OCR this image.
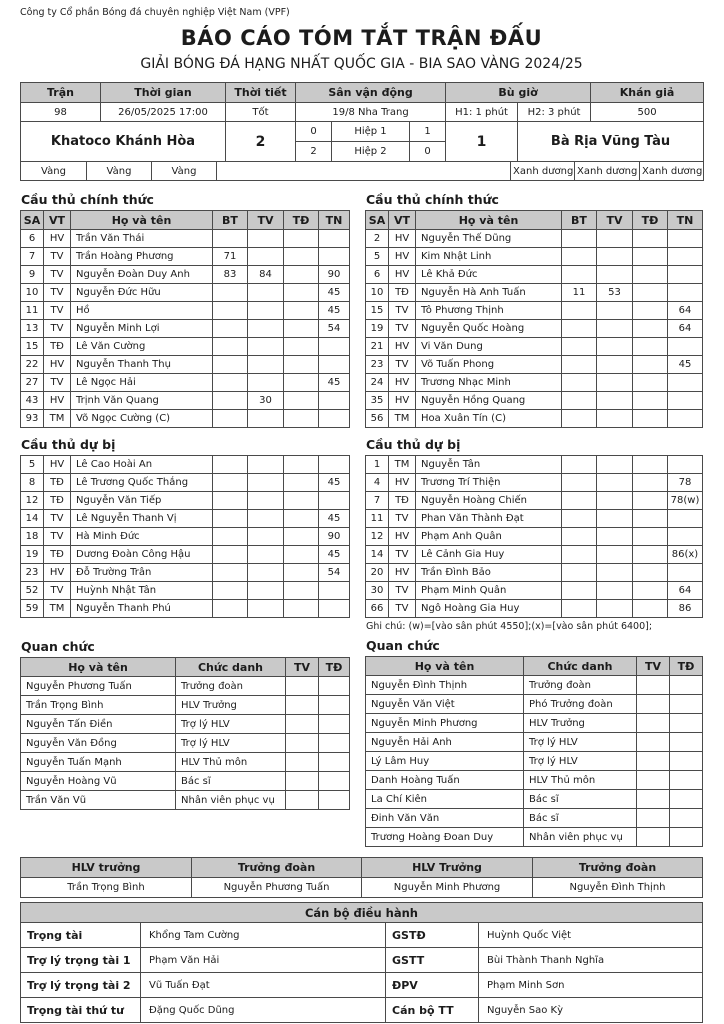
Công ty Cổ phần Bóng đá chuyên nghiệp Việt Nam (VPF)
BÁO CÁO TÓM TẮT TRẬN ĐẤU
GIẢI BÓNG ĐÁ HẠNG NHẤT QUỐC GIA - BIA SAO VÀNG 2024/25
Trận	Thời gian	Thời tiết	Sân vận động			Bù giờ		Khán giả
98	26/05/2025 17:00	Tốt	19/8 Nha Trang			H1: 1 phút	H2: 3 phút	500
Khatoco Khánh Hòa		2	0	Hiệp 1	1	1	Bà Rịa Vũng Tàu	
			2	Hiệp 2	0			
Vàng	Vàng	Vàng		Xanh dương	Xanh dương	Xanh dương
Cầu thủ chính thức
SA	VT	Họ và tên	BT	TV	TĐ	TN
6	HV	Trần Văn Thái				
7	TV	Trần Hoàng Phương	71			
9	TV	Nguyễn Đoàn Duy Anh	83	84		90
10	TV	Nguyễn Đức Hữu				45
11	TV	Hồ				45
13	TV	Nguyễn Minh Lợi				54
15	TĐ	Lê Văn Cường				
22	HV	Nguyễn Thanh Thụ				
27	TV	Lê Ngọc Hải				45
43	HV	Trịnh Văn Quang		30		
93	TM	Võ Ngọc Cường (C)				
Cầu thủ dự bị
5	HV	Lê Cao Hoài An				
8	TĐ	Lê Trương Quốc Thắng				45
12	TĐ	Nguyễn Văn Tiếp				
14	TV	Lê Nguyễn Thanh Vị				45
18	TV	Hà Minh Đức				90
19	TĐ	Dương Đoàn Công Hậu				45
23	HV	Đỗ Trường Trân				54
52	TV	Huỳnh Nhật Tân				
59	TM	Nguyễn Thanh Phú				
Quan chức
Họ và tên	Chức danh	TV	TĐ
Nguyễn Phương Tuấn	Trưởng đoàn		
Trần Trọng Bình	HLV Trưởng		
Nguyễn Tấn Điền	Trợ lý HLV		
Nguyễn Văn Đồng	Trợ lý HLV		
Nguyễn Tuấn Mạnh	HLV Thủ môn		
Nguyễn Hoàng Vũ	Bác sĩ		
Trần Văn Vũ	Nhân viên phục vụ		
Cầu thủ chính thức
SA	VT	Họ và tên	BT	TV	TĐ	TN
2	HV	Nguyễn Thế Dũng				
5	HV	Kim Nhật Linh				
6	HV	Lê Khả Đức				
10	TĐ	Nguyễn Hà Anh Tuấn	11	53		
15	TV	Tô Phương Thịnh				64
19	TV	Nguyễn Quốc Hoàng				64
21	HV	Vi Văn Dung				
23	TV	Võ Tuấn Phong				45
24	HV	Trương Nhạc Minh				
35	HV	Nguyễn Hồng Quang				
56	TM	Hoa Xuân Tín (C)				
Cầu thủ dự bị
1	TM	Nguyễn Tân				
4	HV	Trương Trí Thiện				78
7	TĐ	Nguyễn Hoàng Chiến				78(w)
11	TV	Phan Văn Thành Đạt				
12	HV	Phạm Anh Quân				
14	TV	Lê Cảnh Gia Huy				86(x)
20	HV	Trần Đình Bảo				
30	TV	Phạm Minh Quân				64
66	TV	Ngô Hoàng Gia Huy				86
Ghi chú: (w)=[vào sân phút 4550];(x)=[vào sân phút 6400];
Quan chức
Họ và tên	Chức danh	TV	TĐ
Nguyễn Đình Thịnh	Trưởng đoàn		
Nguyễn Văn Việt	Phó Trưởng đoàn		
Nguyễn Minh Phương	HLV Trưởng		
Nguyễn Hải Anh	Trợ lý HLV		
Lý Lâm Huy	Trợ lý HLV		
Danh Hoàng Tuấn	HLV Thủ môn		
La Chí Kiên	Bác sĩ		
Đinh Văn Văn	Bác sĩ		
Trương Hoàng Đoan Duy	Nhân viên phục vụ		
HLV trưởng	Trưởng đoàn	HLV Trưởng	Trưởng đoàn
Trần Trọng Bình	Nguyễn Phương Tuấn	Nguyễn Minh Phương	Nguyễn Đình Thịnh
Cán bộ điều hành			
Trọng tài	Khổng Tam Cường	GSTĐ	Huỳnh Quốc Việt
Trợ lý trọng tài 1	Phạm Văn Hải	GSTT	Bùi Thành Thanh Nghĩa
Trợ lý trọng tài 2	Vũ Tuấn Đạt	ĐPV	Phạm Minh Sơn
Trọng tài thứ tư	Đặng Quốc Dũng	Cán bộ TT	Nguyễn Sao Kỳ
